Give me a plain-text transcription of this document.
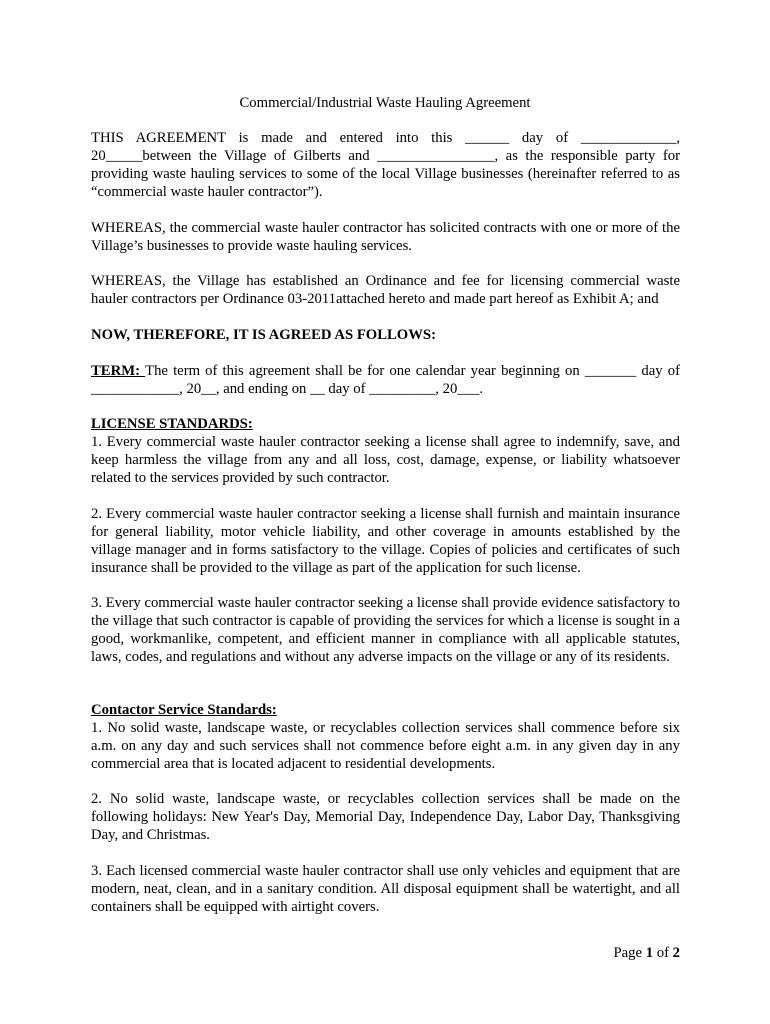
Commercial/Industrial Waste Hauling Agreement
THIS AGREEMENT is made and entered into this ______ day of _____________, 20_____between the Village of Gilberts and ________________, as the responsible party for providing waste hauling services to some of the local Village businesses (hereinafter referred to as “commercial waste hauler contractor”).
WHEREAS, the commercial waste hauler contractor has solicited contracts with one or more of the Village’s businesses to provide waste hauling services.
WHEREAS, the Village has established an Ordinance and fee for licensing commercial waste hauler contractors per Ordinance 03-2011attached hereto and made part hereof as Exhibit A; and
NOW, THEREFORE, IT IS AGREED AS FOLLOWS:
TERM: The term of this agreement shall be for one calendar year beginning on _______ day of ____________, 20__, and ending on __ day of _________, 20___.
LICENSE STANDARDS:
1. Every commercial waste hauler contractor seeking a license shall agree to indemnify, save, and keep harmless the village from any and all loss, cost, damage, expense, or liability whatsoever related to the services provided by such contractor.
2. Every commercial waste hauler contractor seeking a license shall furnish and maintain insurance for general liability, motor vehicle liability, and other coverage in amounts established by the village manager and in forms satisfactory to the village. Copies of policies and certificates of such insurance shall be provided to the village as part of the application for such license.
3. Every commercial waste hauler contractor seeking a license shall provide evidence satisfactory to the village that such contractor is capable of providing the services for which a license is sought in a good, workmanlike, competent, and efficient manner in compliance with all applicable statutes, laws, codes, and regulations and without any adverse impacts on the village or any of its residents.
Contactor Service Standards:
1. No solid waste, landscape waste, or recyclables collection services shall commence before six a.m. on any day and such services shall not commence before eight a.m. in any given day in any commercial area that is located adjacent to residential developments.
2. No solid waste, landscape waste, or recyclables collection services shall be made on the following holidays: New Year's Day, Memorial Day, Independence Day, Labor Day, Thanksgiving Day, and Christmas.
3. Each licensed commercial waste hauler contractor shall use only vehicles and equipment that are modern, neat, clean, and in a sanitary condition. All disposal equipment shall be watertight, and all containers shall be equipped with airtight covers.
Page 1 of 2
